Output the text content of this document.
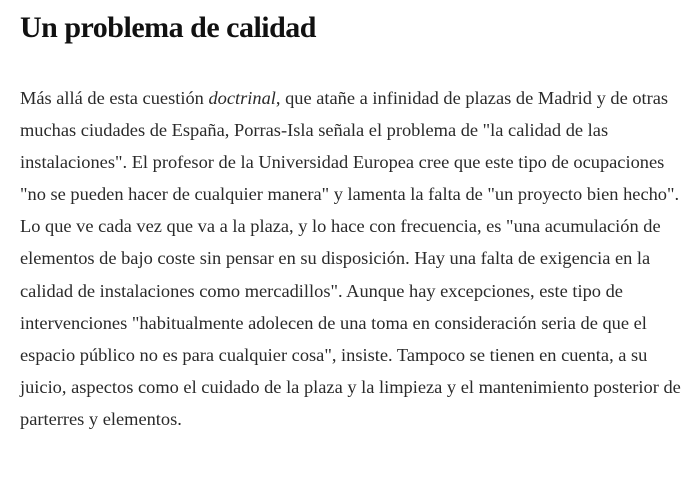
Un problema de calidad

Más allá de esta cuestión doctrinal, que atañe a infinidad de plazas de Madrid y de otras muchas ciudades de España, Porras-Isla señala el problema de "la calidad de las instalaciones". El profesor de la Universidad Europea cree que este tipo de ocupaciones "no se pueden hacer de cualquier manera" y lamenta la falta de "un proyecto bien hecho". Lo que ve cada vez que va a la plaza, y lo hace con frecuencia, es "una acumulación de elementos de bajo coste sin pensar en su disposición. Hay una falta de exigencia en la calidad de instalaciones como mercadillos". Aunque hay excepciones, este tipo de intervenciones "habitualmente adolecen de una toma en consideración seria de que el espacio público no es para cualquier cosa", insiste. Tampoco se tienen en cuenta, a su juicio, aspectos como el cuidado de la plaza y la limpieza y el mantenimiento posterior de parterres y elementos.
